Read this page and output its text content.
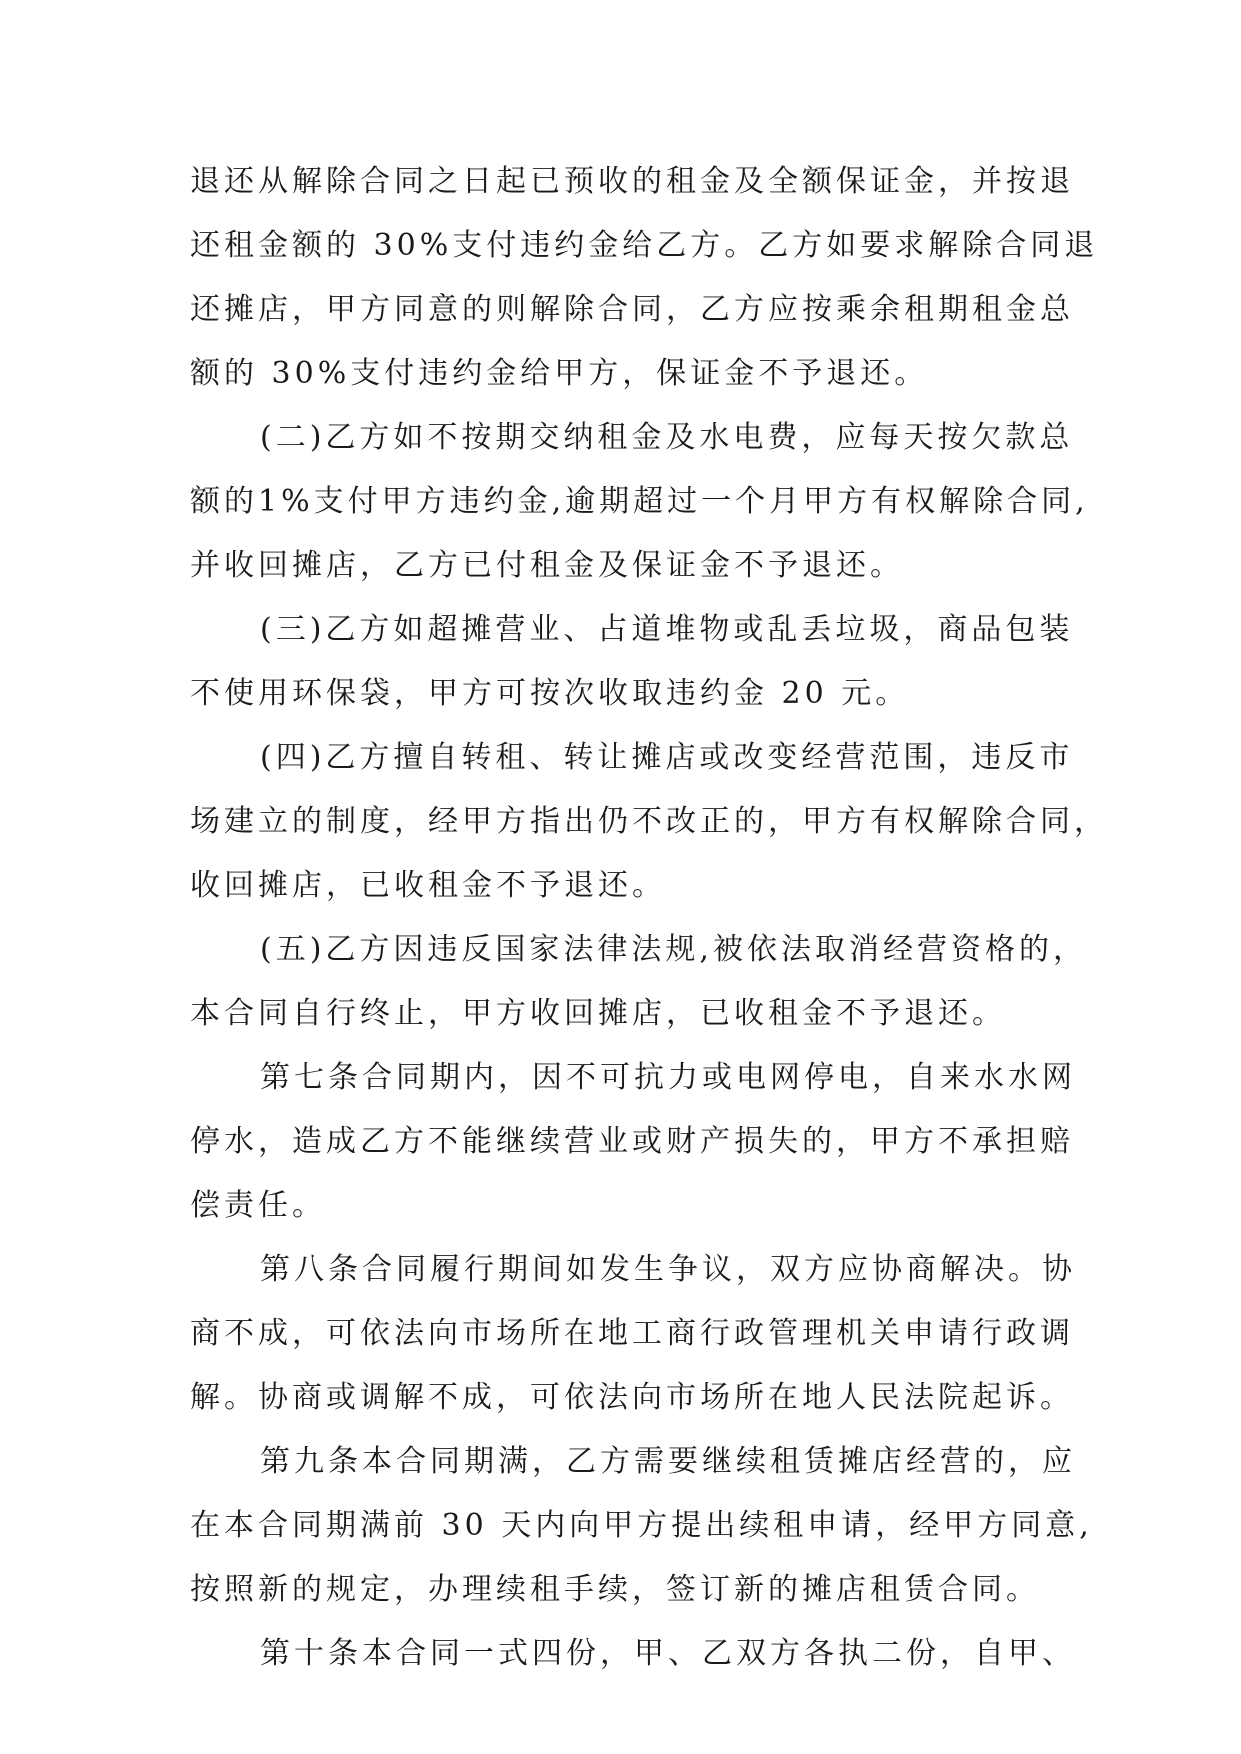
退还从解除合同之日起已预收的租金及全额保证金，并按退
还租金额的 30%支付违约金给乙方。乙方如要求解除合同退
还摊店，甲方同意的则解除合同，乙方应按乘余租期租金总
额的 30%支付违约金给甲方，保证金不予退还。
(二)乙方如不按期交纳租金及水电费，应每天按欠款总
额的1%支付甲方违约金,逾期超过一个月甲方有权解除合同,
并收回摊店，乙方已付租金及保证金不予退还。
(三)乙方如超摊营业、占道堆物或乱丢垃圾，商品包装
不使用环保袋，甲方可按次收取违约金 20 元。
(四)乙方擅自转租、转让摊店或改变经营范围，违反市
场建立的制度，经甲方指出仍不改正的，甲方有权解除合同，
收回摊店，已收租金不予退还。
(五)乙方因违反国家法律法规,被依法取消经营资格的，
本合同自行终止，甲方收回摊店，已收租金不予退还。
第七条合同期内，因不可抗力或电网停电，自来水水网
停水，造成乙方不能继续营业或财产损失的，甲方不承担赔
偿责任。
第八条合同履行期间如发生争议，双方应协商解决。协
商不成，可依法向市场所在地工商行政管理机关申请行政调
解。协商或调解不成，可依法向市场所在地人民法院起诉。
第九条本合同期满，乙方需要继续租赁摊店经营的，应
在本合同期满前 30 天内向甲方提出续租申请，经甲方同意,
按照新的规定，办理续租手续，签订新的摊店租赁合同。
第十条本合同一式四份，甲、乙双方各执二份，自甲、
